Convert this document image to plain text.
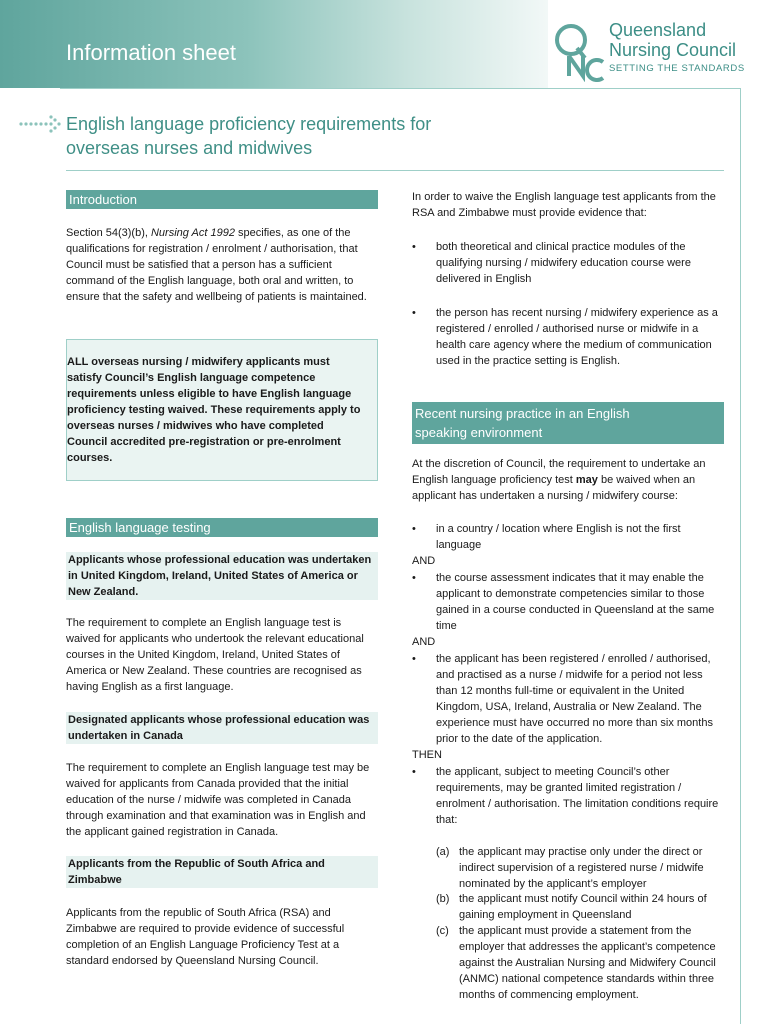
Information sheet
Queensland
Nursing Council
SETTING THE STANDARDS
English language proficiency requirements for
overseas nurses and midwives
Introduction

Section 54(3)(b), Nursing Act 1992 specifies, as one of the qualifications for registration / enrolment / authorisation, that Council must be satisfied that a person has a sufficient command of the English language, both oral and written, to ensure that the safety and wellbeing of patients is maintained.

ALL overseas nursing / midwifery applicants must satisfy Council’s English language competence requirements unless eligible to have English language proficiency testing waived. These requirements apply to overseas nurses / midwives who have completed Council accredited pre-registration or pre-enrolment courses.
English language testing
Applicants whose professional education was undertaken in United Kingdom, Ireland, United States of America or New Zealand.

The requirement to complete an English language test is waived for applicants who undertook the relevant educational courses in the United Kingdom, Ireland, United States of America or New Zealand. These countries are recognised as having English as a first language.

Designated applicants whose professional education was undertaken in Canada

The requirement to complete an English language test may be waived for applicants from Canada provided that the initial education of the nurse / midwife was completed in Canada through examination and that examination was in English and the applicant gained registration in Canada.

Applicants from the Republic of South Africa and Zimbabwe

Applicants from the republic of South Africa (RSA) and Zimbabwe are required to provide evidence of successful completion of an English Language Proficiency Test at a standard endorsed by Queensland Nursing Council.

In order to waive the English language test applicants from the RSA and Zimbabwe must provide evidence that:

• both theoretical and clinical practice modules of the qualifying nursing / midwifery education course were delivered in English
• the person has recent nursing / midwifery experience as a registered / enrolled / authorised nurse or midwife in a health care agency where the medium of communication used in the practice setting is English.
Recent nursing practice in an English
speaking environment

At the discretion of Council, the requirement to undertake an English language proficiency test may be waived when an applicant has undertaken a nursing / midwifery course:

• in a country / location where English is not the first language
AND
• the course assessment indicates that it may enable the applicant to demonstrate competencies similar to those gained in a course conducted in Queensland at the same time
AND
• the applicant has been registered / enrolled / authorised, and practised as a nurse / midwife for a period not less than 12 months full-time or equivalent in the United Kingdom, USA, Ireland, Australia or New Zealand. The experience must have occurred no more than six months prior to the date of the application.
THEN
• the applicant, subject to meeting Council’s other requirements, may be granted limited registration / enrolment / authorisation. The limitation conditions require that:
(a) the applicant may practise only under the direct or indirect supervision of a registered nurse / midwife nominated by the applicant’s employer
(b) the applicant must notify Council within 24 hours of gaining employment in Queensland
(c) the applicant must provide a statement from the employer that addresses the applicant’s competence against the Australian Nursing and Midwifery Council (ANMC) national competence standards within three months of commencing employment.
